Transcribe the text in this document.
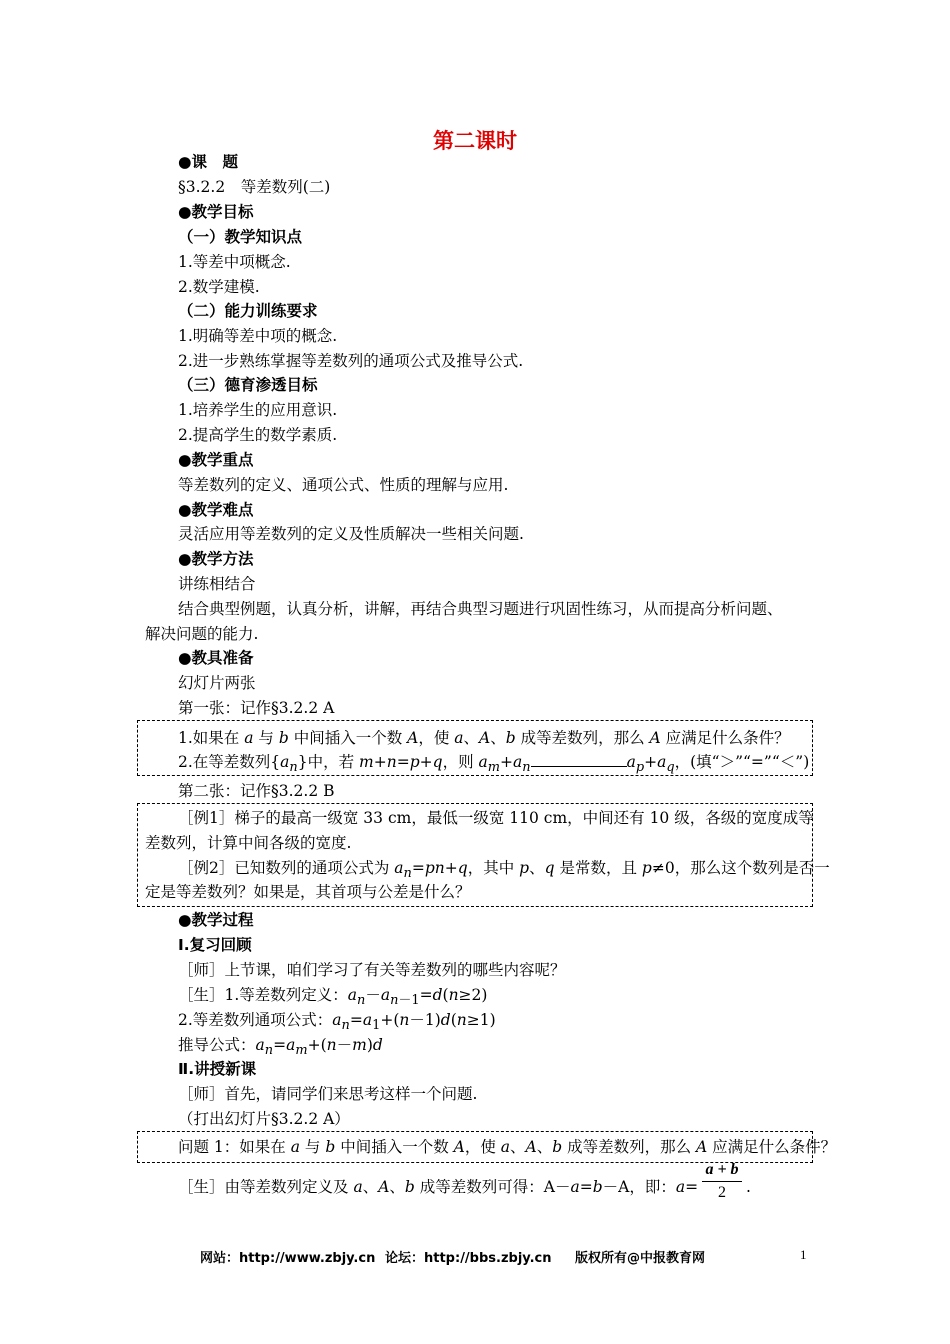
第二课时
●课　题
§3.2.2　等差数列(二)
●教学目标
（一）教学知识点
1.等差中项概念.
2.数学建模.
（二）能力训练要求
1.明确等差中项的概念.
2.进一步熟练掌握等差数列的通项公式及推导公式.
（三）德育渗透目标
1.培养学生的应用意识.
2.提高学生的数学素质.
●教学重点
等差数列的定义、通项公式、性质的理解与应用.
●教学难点
灵活应用等差数列的定义及性质解决一些相关问题.
●教学方法
讲练相结合
结合典型例题，认真分析，讲解，再结合典型习题进行巩固性练习，从而提高分析问题、
解决问题的能力.
●教具准备
幻灯片两张
第一张：记作§3.2.2 A
1.如果在 a 与 b 中间插入一个数 A，使 a、A、b 成等差数列，那么 A 应满足什么条件？
2.在等差数列$\{a_n\}$中，若 m+n=p+q，则 $a_m+a_n$	$a_p+a_q$，(填“＞”“=”“＜”)
第二张：记作§3.2.2 B
［例1］梯子的最高一级宽 33 cm，最低一级宽 110 cm，中间还有 10 级，各级的宽度成等
差数列，计算中间各级的宽度.
［例2］已知数列的通项公式为 $a_n=pn+q$，其中 p、q 是常数，且 p≠0，那么这个数列是否一
定是等差数列？如果是，其首项与公差是什么？
●教学过程
Ⅰ.复习回顾
［师］上节课，咱们学习了有关等差数列的哪些内容呢？
［生］1.等差数列定义：$a_n-a_{n-1}=d(n\ge 2)$
2.等差数列通项公式：$a_n=a_1+(n-1)d(n\ge 1)$
推导公式：$a_n=a_m+(n-m)d$
Ⅱ.讲授新课
［师］首先，请同学们来思考这样一个问题.
（打出幻灯片§3.2.2 A）
问题 1：如果在 a 与 b 中间插入一个数 A，使 a、A、b 成等差数列，那么 A 应满足什么条件？
［生］由等差数列定义及 a、A、b 成等差数列可得：A－a=b－A，即：a=
a + b
2	.
网站：http://www.zbjy.cn 论坛：http://bbs.zbjy.cn 版权所有@中报教育网	1
